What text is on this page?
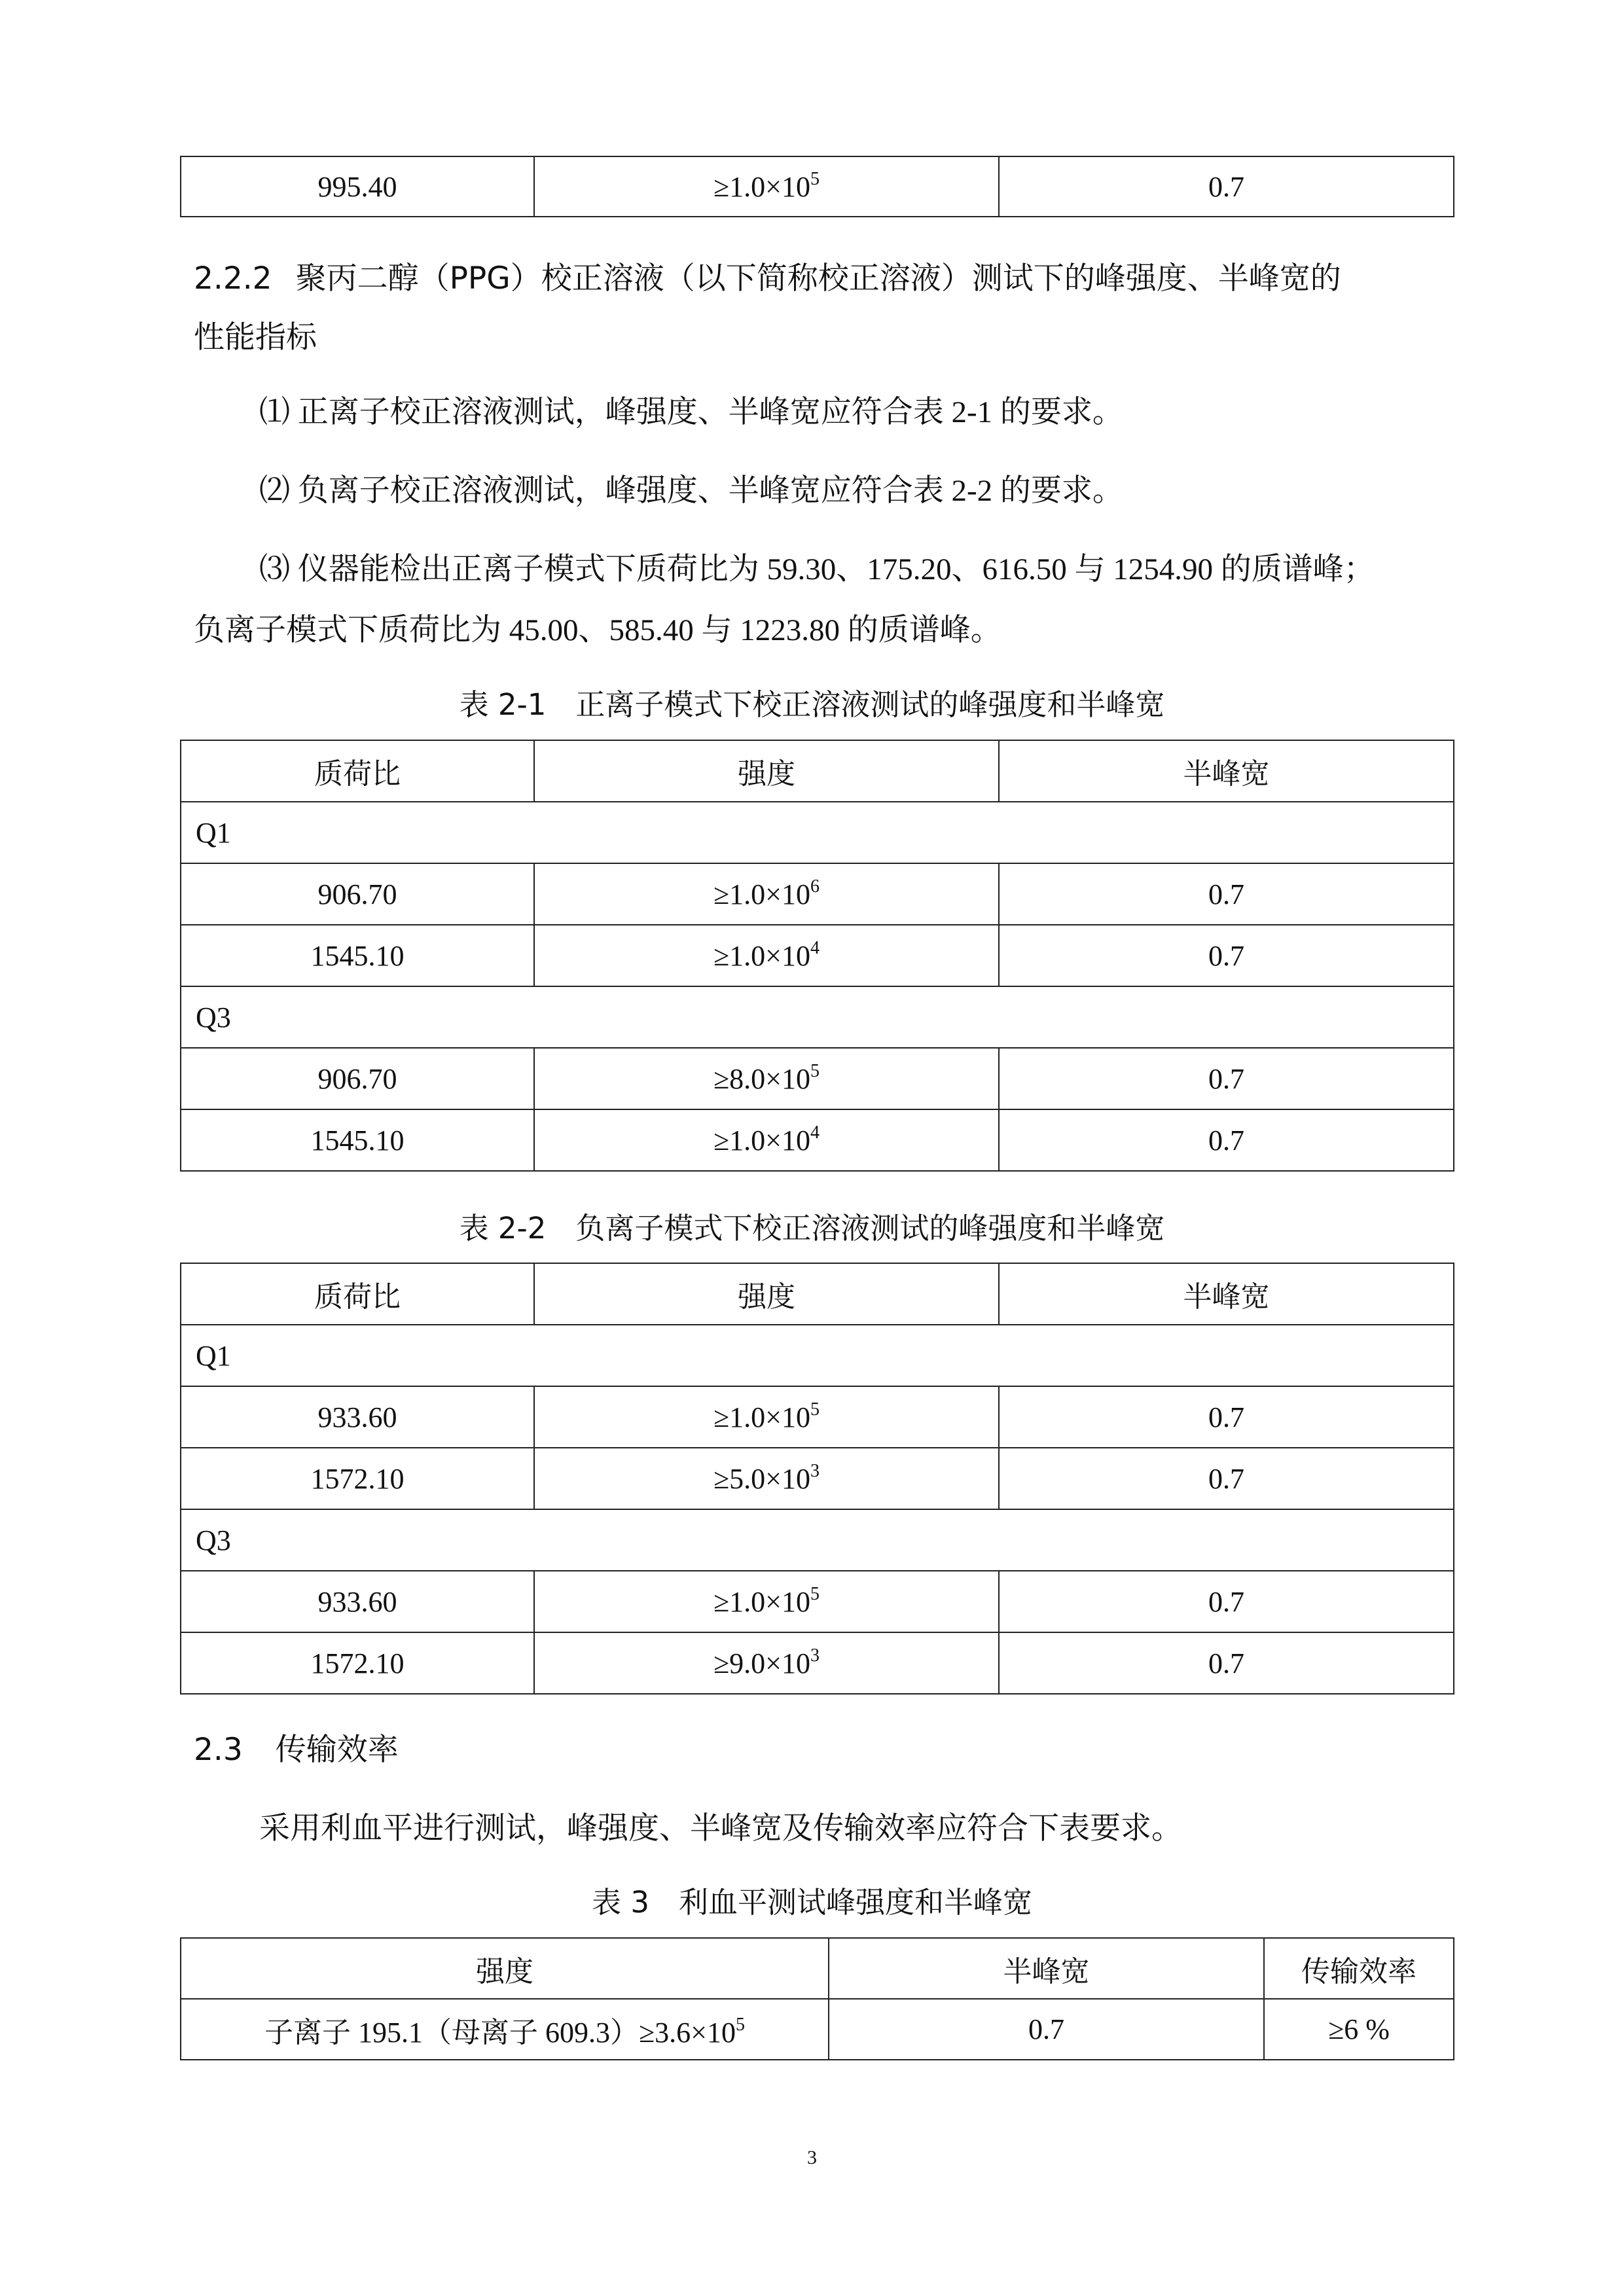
995.40	$\ge 1.0\times 10^5$	0.7
2.2.2 聚丙二醇（PPG）校正溶液（以下简称校正溶液）测试下的峰强度、半峰宽的
性能指标
⑴ 正离子校正溶液测试，峰强度、半峰宽应符合表 2-1 的要求。
⑵ 负离子校正溶液测试，峰强度、半峰宽应符合表 2-2 的要求。
⑶ 仪器能检出正离子模式下质荷比为 59.30、175.20、616.50 与 1254.90 的质谱峰；
负离子模式下质荷比为 45.00、585.40 与 1223.80 的质谱峰。
表 2-1　正离子模式下校正溶液测试的峰强度和半峰宽
质荷比	强度	半峰宽
Q1		
906.70	$\ge 1.0\times 10^6$	0.7
1545.10	$\ge 1.0\times 10^4$	0.7
Q3		
906.70	$\ge 8.0\times 10^5$	0.7
1545.10	$\ge 1.0\times 10^4$	0.7
表 2-2　负离子模式下校正溶液测试的峰强度和半峰宽
质荷比	强度	半峰宽
Q1		
933.60	$\ge 1.0\times 10^5$	0.7
1572.10	$\ge 5.0\times 10^3$	0.7
Q3		
933.60	$\ge 1.0\times 10^5$	0.7
1572.10	$\ge 9.0\times 10^3$	0.7
2.3 传输效率
采用利血平进行测试，峰强度、半峰宽及传输效率应符合下表要求。
表 3　利血平测试峰强度和半峰宽
强度	半峰宽	传输效率
子离子 195.1（母离子 $609.3)\ge 3.6\times 10^5$	0.7	≥6 %
3
